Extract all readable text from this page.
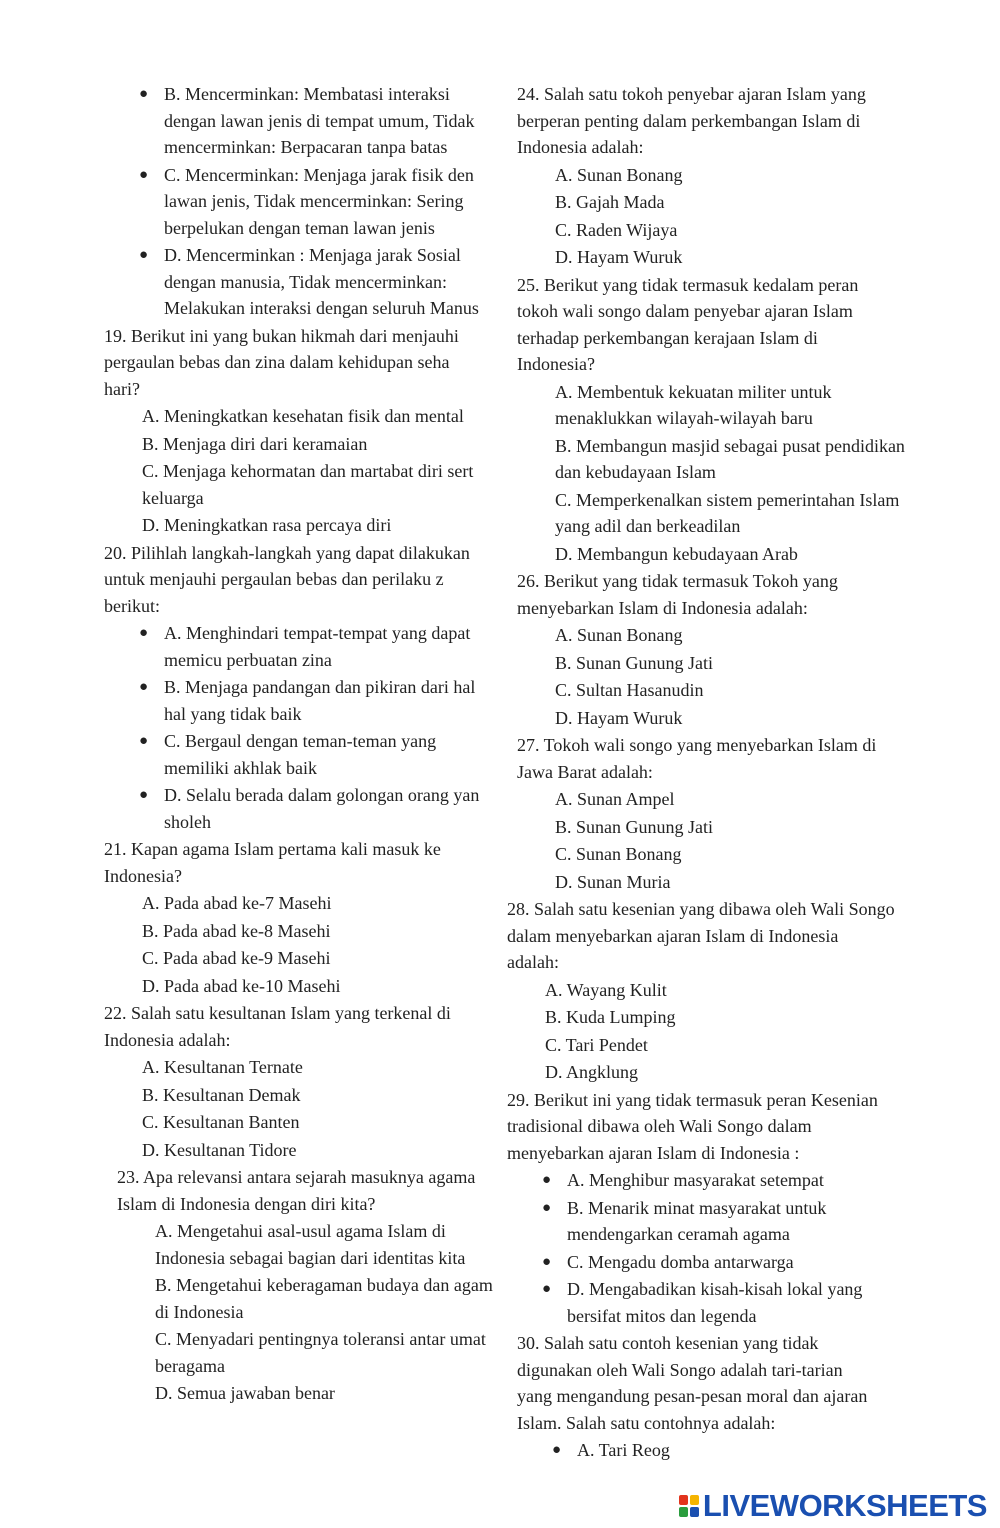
● B. Mencerminkan: Membatasi interaksi
dengan lawan jenis di tempat umum, Tidak
mencerminkan: Berpacaran tanpa batas
● C. Mencerminkan: Menjaga jarak fisik den
lawan jenis, Tidak mencerminkan: Sering
berpelukan dengan teman lawan jenis
● D. Mencerminkan : Menjaga jarak Sosial
dengan manusia, Tidak mencerminkan:
Melakukan interaksi dengan seluruh Manus
19. Berikut ini yang bukan hikmah dari menjauhi
pergaulan bebas dan zina dalam kehidupan seha
hari?
A. Meningkatkan kesehatan fisik dan mental
B. Menjaga diri dari keramaian
C. Menjaga kehormatan dan martabat diri sert
keluarga
D. Meningkatkan rasa percaya diri
20. Pilihlah langkah-langkah yang dapat dilakukan
untuk menjauhi pergaulan bebas dan perilaku z
berikut:
● A. Menghindari tempat-tempat yang dapat
memicu perbuatan zina
● B. Menjaga pandangan dan pikiran dari hal
hal yang tidak baik
● C. Bergaul dengan teman-teman yang
memiliki akhlak baik
● D. Selalu berada dalam golongan orang yan
sholeh
21. Kapan agama Islam pertama kali masuk ke
Indonesia?
A. Pada abad ke-7 Masehi
B. Pada abad ke-8 Masehi
C. Pada abad ke-9 Masehi
D. Pada abad ke-10 Masehi
22. Salah satu kesultanan Islam yang terkenal di
Indonesia adalah:
A. Kesultanan Ternate
B. Kesultanan Demak
C. Kesultanan Banten
D. Kesultanan Tidore
23. Apa relevansi antara sejarah masuknya agama
Islam di Indonesia dengan diri kita?
A. Mengetahui asal-usul agama Islam di
Indonesia sebagai bagian dari identitas kita
B. Mengetahui keberagaman budaya dan agam
di Indonesia
C. Menyadari pentingnya toleransi antar umat
beragama
D. Semua jawaban benar
24. Salah satu tokoh penyebar ajaran Islam yang
berperan penting dalam perkembangan Islam di
Indonesia adalah:
A. Sunan Bonang
B. Gajah Mada
C. Raden Wijaya
D. Hayam Wuruk
25. Berikut yang tidak termasuk kedalam peran
tokoh wali songo dalam penyebar ajaran Islam
terhadap perkembangan kerajaan Islam di
Indonesia?
A. Membentuk kekuatan militer untuk
menaklukkan wilayah-wilayah baru
B. Membangun masjid sebagai pusat pendidikan
dan kebudayaan Islam
C. Memperkenalkan sistem pemerintahan Islam
yang adil dan berkeadilan
D. Membangun kebudayaan Arab
26. Berikut yang tidak termasuk Tokoh yang
menyebarkan Islam di Indonesia adalah:
A. Sunan Bonang
B. Sunan Gunung Jati
C. Sultan Hasanudin
D. Hayam Wuruk
27. Tokoh wali songo yang menyebarkan Islam di
Jawa Barat adalah:
A. Sunan Ampel
B. Sunan Gunung Jati
C. Sunan Bonang
D. Sunan Muria
28. Salah satu kesenian yang dibawa oleh Wali Songo
dalam menyebarkan ajaran Islam di Indonesia
adalah:
A. Wayang Kulit
B. Kuda Lumping
C. Tari Pendet
D. Angklung
29. Berikut ini yang tidak termasuk peran Kesenian
tradisional dibawa oleh Wali Songo dalam
menyebarkan ajaran Islam di Indonesia :
● A. Menghibur masyarakat setempat
● B. Menarik minat masyarakat untuk
mendengarkan ceramah agama
● C. Mengadu domba antarwarga
● D. Mengabadikan kisah-kisah lokal yang
bersifat mitos dan legenda
30. Salah satu contoh kesenian yang tidak
digunakan oleh Wali Songo adalah tari-tarian
yang mengandung pesan-pesan moral dan ajaran
Islam. Salah satu contohnya adalah:
● A. Tari Reog
LIVEWORKSHEETS
